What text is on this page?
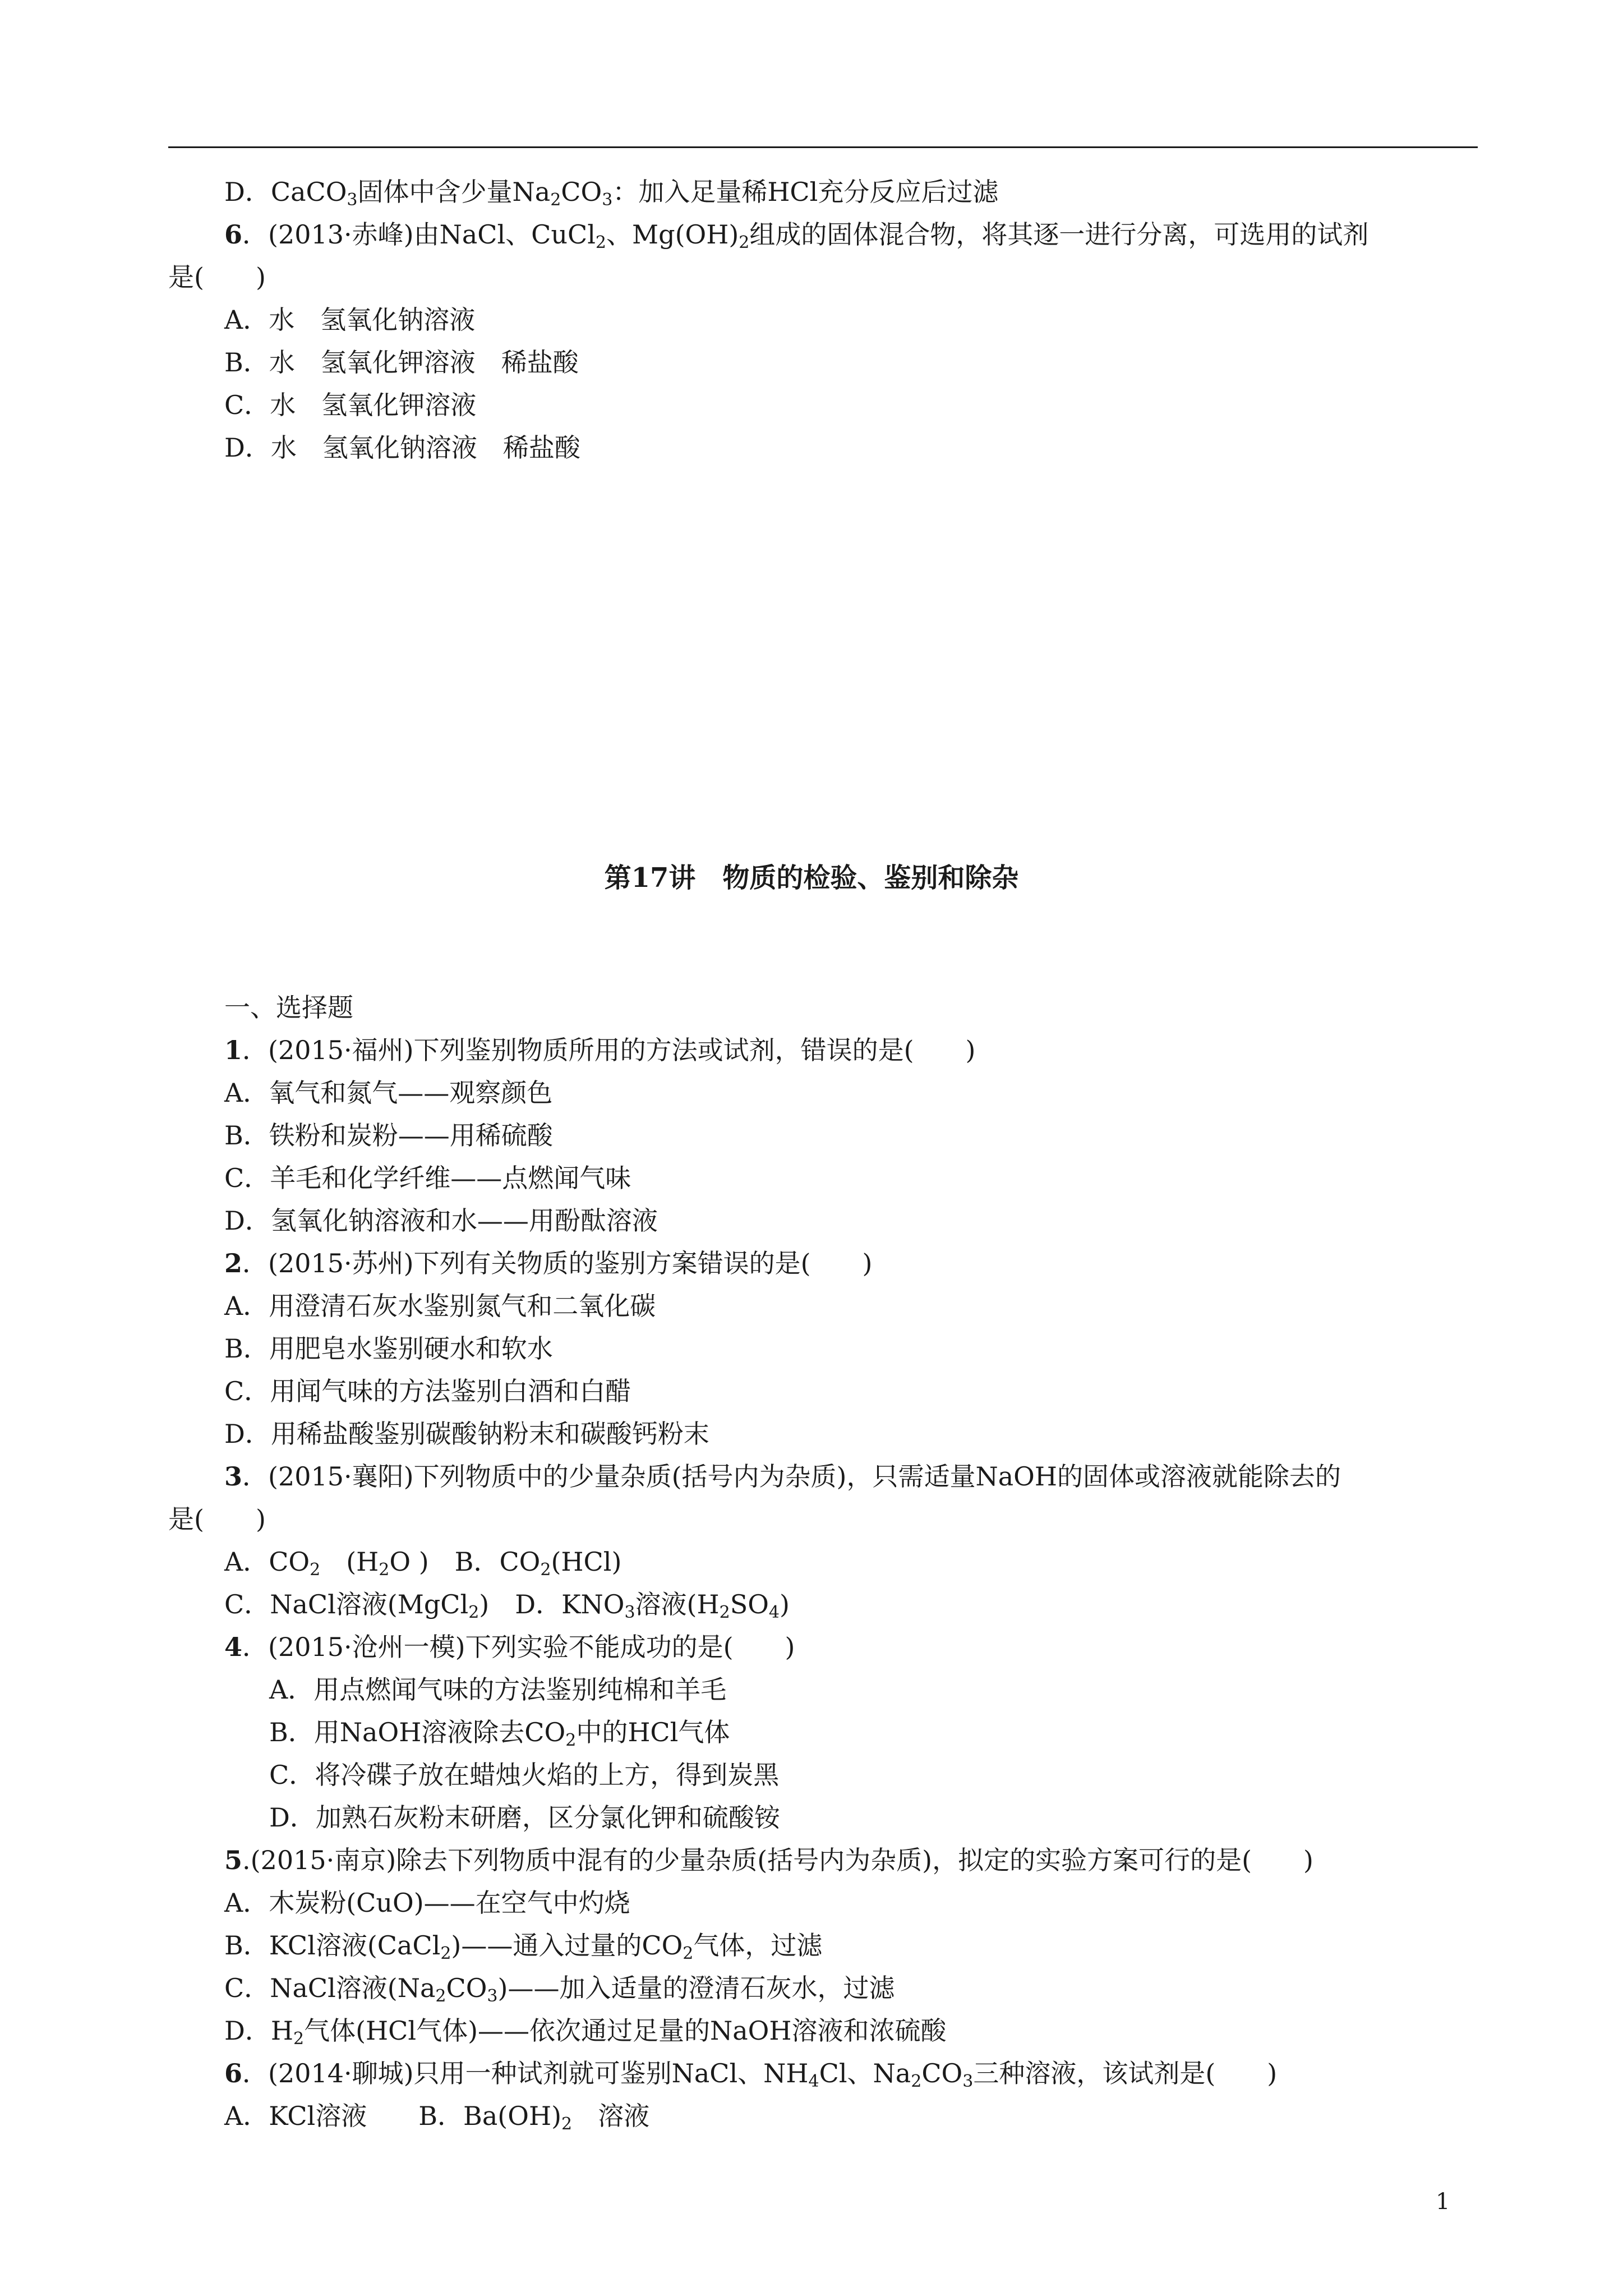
D．CaCO$_3$固体中含少量$Na_2CO_3$：加入足量稀HCl充分反应后过滤
6．(2013·赤峰)由NaCl、CuCl$_2$、$Mg(OH)_2$组成的固体混合物，将其逐一进行分离，可选用的试剂
是(　　)
A．水　氢氧化钠溶液
B．水　氢氧化钾溶液　稀盐酸
C．水　氢氧化钾溶液
D．水　氢氧化钠溶液　稀盐酸
第17讲　物质的检验、鉴别和除杂
一、选择题
1．(2015·福州)下列鉴别物质所用的方法或试剂，错误的是(　　)
A．氧气和氮气——观察颜色
B．铁粉和炭粉——用稀硫酸
C．羊毛和化学纤维——点燃闻气味
D．氢氧化钠溶液和水——用酚酞溶液
2．(2015·苏州)下列有关物质的鉴别方案错误的是(　　)
A．用澄清石灰水鉴别氮气和二氧化碳
B．用肥皂水鉴别硬水和软水
C．用闻气味的方法鉴别白酒和白醋
D．用稀盐酸鉴别碳酸钠粉末和碳酸钙粉末
3．(2015·襄阳)下列物质中的少量杂质(括号内为杂质)，只需适量NaOH的固体或溶液就能除去的
是(　　)
A．$CO_2$　($H_2O$ )　B．$CO_2(HCl)$
C．NaCl溶液(MgCl$_2$)　D．$KNO_3$溶液$(H_2SO_4)$
4．(2015·沧州一模)下列实验不能成功的是(　　)
A．用点燃闻气味的方法鉴别纯棉和羊毛
B．用NaOH溶液除去$CO_2$中的HCl气体
C．将冷碟子放在蜡烛火焰的上方，得到炭黑
D．加熟石灰粉末研磨，区分氯化钾和硫酸铵
5.(2015·南京)除去下列物质中混有的少量杂质(括号内为杂质)，拟定的实验方案可行的是(　　)
A．木炭粉(CuO)——在空气中灼烧
B．KCl溶液(CaCl$_2$)——通入过量的$CO_2$气体，过滤
C．NaCl溶液$(Na_2CO_3)——$加入适量的澄清石灰水，过滤
D．$H_2$气体(HCl气体)——依次通过足量的NaOH溶液和浓硫酸
6．(2014·聊城)只用一种试剂就可鉴别NaCl、$NH_4Cl$、$Na_2CO_3$三种溶液，该试剂是(　　)
A．KCl溶液　　B．$Ba(OH)_2$　溶液
1
